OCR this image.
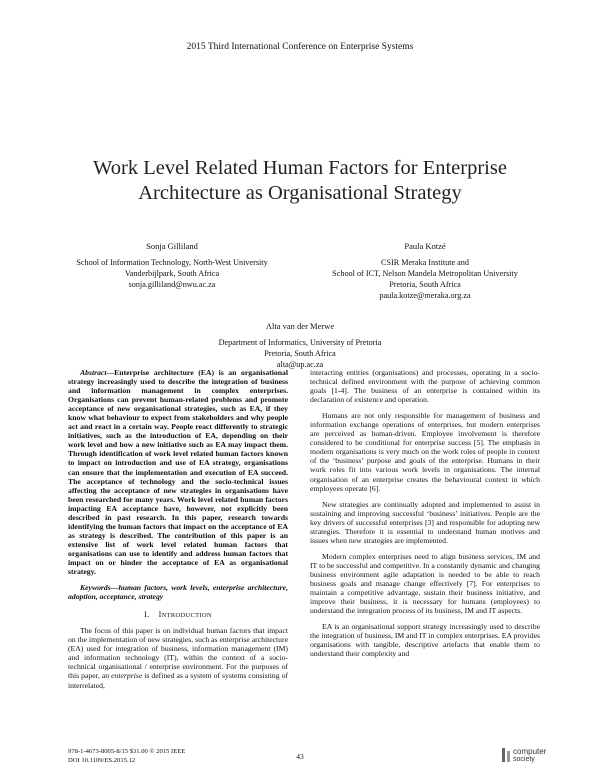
2015 Third International Conference on Enterprise Systems
Work Level Related Human Factors for Enterprise
Architecture as Organisational Strategy
Sonja Gilliland
School of Information Technology, North-West University
Vanderbijlpark, South Africa
sonja.gilliland@nwu.ac.za
Paula Kotzé
CSIR Meraka Institute and
School of ICT, Nelson Mandela Metropolitan University
Pretoria, South Africa
paula.kotze@meraka.org.za
Alta van der Merwe
Department of Informatics, University of Pretoria
Pretoria, South Africa
alta@up.ac.za

Abstract—Enterprise architecture (EA) is an organisational strategy increasingly used to describe the integration of business and information management in complex enterprises. Organisations can prevent human-related problems and promote acceptance of new organisational strategies, such as EA, if they know what behaviour to expect from stakeholders and why people act and react in a certain way. People react differently to strategic initiatives, such as the introduction of EA, depending on their work level and how a new initiative such as EA may impact them. Through identification of work level related human factors known to impact on introduction and use of EA strategy, organisations can ensure that the implementation and execution of EA succeed. The acceptance of technology and the socio-technical issues affecting the acceptance of new strategies in organisations have been researched for many years. Work level related human factors impacting EA acceptance have, however, not explicitly been described in past research. In this paper, research towards identifying the human factors that impact on the acceptance of EA as strategy is described. The contribution of this paper is an extensive list of work level related human factors that organisations can use to identify and address human factors that impact on or hinder the acceptance of EA as organisational strategy.

Keywords—human factors, work levels, enterprise architecture, adoption, acceptance, strategy

I. INTRODUCTION

The focus of this paper is on individual human factors that impact on the implementation of new strategies, such as enterprise architecture (EA) used for integration of business, information management (IM) and information technology (IT), within the context of a socio-technical organisational / enterprise environment. For the purposes of this paper, an enterprise is defined as a system of systems consisting of interrelated,

interacting entities (organisations) and processes, operating in a socio-technical defined environment with the purpose of achieving common goals [1-4]. The business of an enterprise is contained within its declaration of existence and operation.

Humans are not only responsible for management of business and information exchange operations of enterprises, but modern enterprises are perceived as human-driven. Employee involvement is therefore considered to be conditional for enterprise success [5]. The emphasis in modern organisations is very much on the work roles of people in context of the ‘business’ purpose and goals of the enterprise. Humans in their work roles fit into various work levels in organisations. The internal organisation of an enterprise creates the behavioural context in which employees operate [6].

New strategies are continually adopted and implemented to assist in sustaining and improving successful ‘business’ initiatives. People are the key drivers of successful enterprises [3] and responsible for adopting new strategies. Therefore it is essential to understand human motives and issues when new strategies are implemented.

Modern complex enterprises need to align business services, IM and IT to be successful and competitive. In a constantly dynamic and changing business environment agile adaptation is needed to be able to reach business goals and manage change effectively [7]. For enterprises to maintain a competitive advantage, sustain their business initiative, and improve their business, it is necessary for humans (employees) to understand the integration process of its business, IM and IT aspects.

EA is an organisational support strategy increasingly used to describe the integration of business, IM and IT in complex enterprises. EA provides organisations with tangible, descriptive artefacts that enable them to understand their complexity and

978-1-4673-8005-8/15 $31.00 © 2015 IEEE
DOI 10.1109/ES.2015.12	43
computer
society
